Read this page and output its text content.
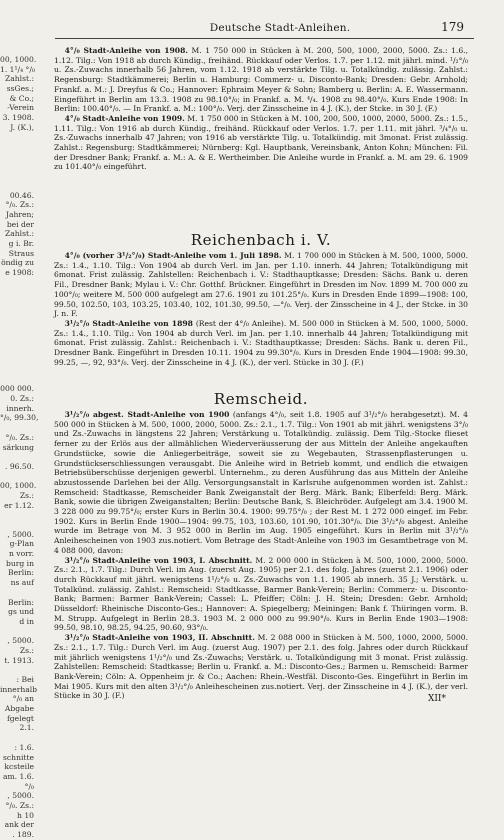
Deutsche Stadt-Anleihen.	179
00, 1000.
1. 1¹/₄ °/₀
Zahlst.:
ssGes.;
& Co.;
-Verein
3. 1908.
J. (K.),
00.46.
°/₀. Zs.:
Jahren;
bei der
Zahlst.:
g i. Br.
Straus
öndig zu
e 1908:
000 000.
0. Zs.:
innerh.
°/₀, 99.30,
°/₀. Zs.:
särkung
. 96.50.
00, 1000.
Zs.:
er 1.12.
, 5000.
g-Plan
n vorr.
burg in
Berlin:
ns auf
Berlin:
gs und
d in
, 5000.
Zs.:
t. 1913.
: Bei
innerhalb
°/₀ an
Abgabe
fgelegt
2.1.
: 1.6.
schnitte
kcsteile
am. 1.6.
°/₀
, 5000.
°/₀. Zs.:
h 10
ank der
. 189.

4°/₀ Stadt-Anleihe von 1908. M. 1 750 000 in Stücken à M. 200, 500, 1000, 2000, 5000. Zs.: 1.6., 1.12. Tilg.: Von 1918 ab durch Kündig., freihänd. Rückkauf oder Verlos. 1.7. per 1.12. mit jährl. mind. ¹/₂°/₀ u. Zs.-Zuwachs innerhalb 56 Jahren, vom 1.12. 1918 ab verstärkte Tilg. u. Totalkündig. zulässig. Zahlst.: Regensburg: Stadtkämmerei; Berlin u. Hamburg: Commerz- u. Disconto-Bank; Dresden: Gebr. Arnhold; Frankf. a. M.: J. Dreyfus & Co.; Hannover: Ephraim Meyer & Sohn; Bamberg u. Berlin: A. E. Wassermann. Eingeführt in Berlin am 13.3. 1908 zu 98.10°/₀; in Frankf. a. M. ⁴/₄. 1908 zu 98.40°/₀. Kurs Ende 1908: In Berlin: 100.40°/₀. — In Frankf. a. M.: 100°/₀. Verj. der Zinsscheine in 4 J. (K.), der Stcke. in 30 J. (F.)

4°/₀ Stadt-Anleihe von 1909. M. 1 750 000 in Stücken à M. 100, 200, 500, 1000, 2000, 5000. Zs.: 1.5., 1.11. Tilg.: Von 1916 ab durch Kündig., freihänd. Rückkauf oder Verlos. 1.7. per 1.11. mit jährl. ³/₄°/₀ u. Zs.-Zuwachs innerhalb 47 Jahren; von 1916 ab verstärkte Tilg. u. Totalkündig. mit 3monat. Frist zulässig. Zahlst.: Regensburg: Stadtkämmerei; Nürnberg: Kgl. Hauptbank, Vereinsbank, Anton Kohn; München: Fil. der Dresdner Bank; Frankf. a. M.: A. & E. Wertheimber. Die Anleihe wurde in Frankf. a. M. am 29. 6. 1909 zu 101.40°/₀ eingeführt.

Reichenbach i. V.

4°/₀ (vorher 3¹/₂°/₀) Stadt-Anleihe vom 1. Juli 1898. M. 1 700 000 in Stücken à M. 500, 1000, 5000. Zs.: 1.4., 1.10. Tilg.: Von 1904 ab durch Verl. im Jan. per 1.10. innerh. 44 Jahren; Totalkündigung mit 6monat. Frist zulässig. Zahlstellen: Reichenbach i. V.: Stadthauptkasse; Dresden: Sächs. Bank u. deren Fil., Dresdner Bank; Mylau i. V.: Chr. Gotthf. Brückner. Eingeführt in Dresden im Nov. 1899 M. 700 000 zu 100°/₀; weitere M. 500 000 aufgelegt am 27.6. 1901 zu 101.25°/₀. Kurs in Dresden Ende 1899—1908: 100, 99.50, 102.50, 103, 103.25, 103.40, 102, 101.30, 99.50, —°/₀. Verj. der Zinsscheine in 4 J., der Stcke. in 30 J. n. F.

3¹/₂°/₀ Stadt-Anleihe von 1898 (Rest der 4°/₀ Anleihe). M. 500 000 in Stücken à M. 500, 1000, 5000. Zs.: 1.4., 1.10. Tilg.: Von 1904 ab durch Verl. im Jan. per 1.10. innerhalb 44 Jahren; Totalkündigung mit 6monat. Frist zulässig. Zahlst.: Reichenbach i. V.: Stadthauptkasse; Dresden: Sächs. Bank u. deren Fil., Dresdner Bank. Eingeführt in Dresden 10.11. 1904 zu 99.30°/₀. Kurs in Dresden Ende 1904—1908: 99.30, 99.25, —, 92, 93°/₀. Verj. der Zinsscheine in 4 J. (K.), der verl. Stücke in 30 J. (F.)

Remscheid.

3¹/₂°/₀ abgest. Stadt-Anleihe von 1900 (anfangs 4°/₀, seit 1.8. 1905 auf 3¹/₂°/₀ herabgesetzt). M. 4 500 000 in Stücken à M. 500, 1000, 2000, 5000. Zs.: 2.1., 1.7. Tilg.: Von 1901 ab mit jährl. wenigstens 3°/₀ und Zs.-Zuwachs in längstens 22 Jahren; Verstärkung u. Totalkündig. zulässig. Dem Tilg.-Stocke flieset ferner zu der Erlös aus der allmählichen Wiederveräusserung der aus Mitteln der Anleihe angekauften Grundstücke, sowie die Anliegerbeiträge, soweit sie zu Wegebauten, Strassenpflasterungen u. Grundstückserschliessungen verausgabt. Die Anleihe wird in Betrieb kommt, und endlich die etwaigen Betriebsüberschüsse derjenigen gewerbl. Unternehm., zu deren Ausführung das aus Mitteln der Anleihe abzustossende Darlehen bei der Allg. Versorgungsanstalt in Karlsruhe aufgenommen worden ist. Zahlst.: Remscheid: Stadtkasse, Remscheider Bank Zweiganstalt der Berg. Märk. Bank; Elberfeld: Berg. Märk. Bank, sowie die übrigen Zweiganstalten; Berlin: Deutsche Bank, S. Bleichröder. Aufgelegt am 3.4. 1900 M. 3 228 000 zu 99.75°/₀; erster Kurs in Berlin 30.4. 1900: 99.75°/₀ ; der Rest M. 1 272 000 eingef. im Febr. 1902. Kurs in Berlin Ende 1900—1904: 99.75, 103, 103.60, 101.90, 101.30°/₀. Die 3¹/₂°/₀ abgest. Anleihe wurde im Betrage von M. 3 952 000 in Berlin im Aug. 1905 eingeführt. Kurs in Berlin mit 3¹/₂°/₀ Anleihescheinen von 1903 zus.notiert. Vom Betrage des Stadt-Anleihe von 1903 im Gesamtbetrage von M. 4 088 000, davon:

3¹/₂°/₀ Stadt-Anleihe von 1903, I. Abschnitt. M. 2 000 000 in Stücken à M. 500, 1000, 2000, 5000. Zs.: 2.1., 1.7. Tilg.: Durch Verl. im Aug. (zuerst Aug. 1905) per 2.1. des folg. Jahres (zuerst 2.1. 1906) oder durch Rückkauf mit jährl. wenigstens 1¹/₂°/₀ u. Zs.-Zuwachs von 1.1. 1905 ab innerh. 35 J.; Verstärk. u. Totalkünd. zulässig. Zahlst.: Remscheid: Stadtkasse, Barmer Bank-Verein; Berlin: Commerz- u. Disconto-Bank; Barmen: Barmer Bank-Verein; Cassel: L. Pfeiffer; Cöln: J. H. Stein; Dresden: Gebr. Arnhold; Düsseldorf: Rheinische Disconto-Ges.; Hannover: A. Spiegelberg; Meiningen: Bank f. Thüringen vorm. B. M. Strupp. Aufgelegt in Berlin 28.3. 1903 M. 2 000 000 zu 99.90°/₀. Kurs in Berlin Ende 1903—1908: 99.50, 98.10, 98.25, 94.25, 90.60, 93°/₀.

3¹/₂°/₀ Stadt-Anleihe von 1903, II. Abschnitt. M. 2 088 000 in Stücken à M. 500, 1000, 2000, 5000. Zs.: 2.1., 1.7. Tilg.: Durch Verl. im Aug. (zuerst Aug. 1907) per 2.1. des folg. Jahres oder durch Rückkauf mit jährlich wenigstens 1¹/₂°/₀ und Zs.-Zuwachs; Verstärk. u. Totalkündigung mit 3 monat. Frist zulässig. Zahlstellen: Remscheid: Stadtkasse; Berlin u. Frankf. a. M.: Disconto-Ges.; Barmen u. Remscheid: Barmer Bank-Verein; Cöln: A. Oppenheim jr. & Co.; Aachen: Rhein.-Westfäl. Disconto-Ges. Eingeführt in Berlin im Mai 1905. Kurs mit den alten 3¹/₂°/₀ Anleihescheinen zus.notiert. Verj. der Zinsscheine in 4 J. (K.), der verl. Stücke in 30 J. (F.)	XII*
